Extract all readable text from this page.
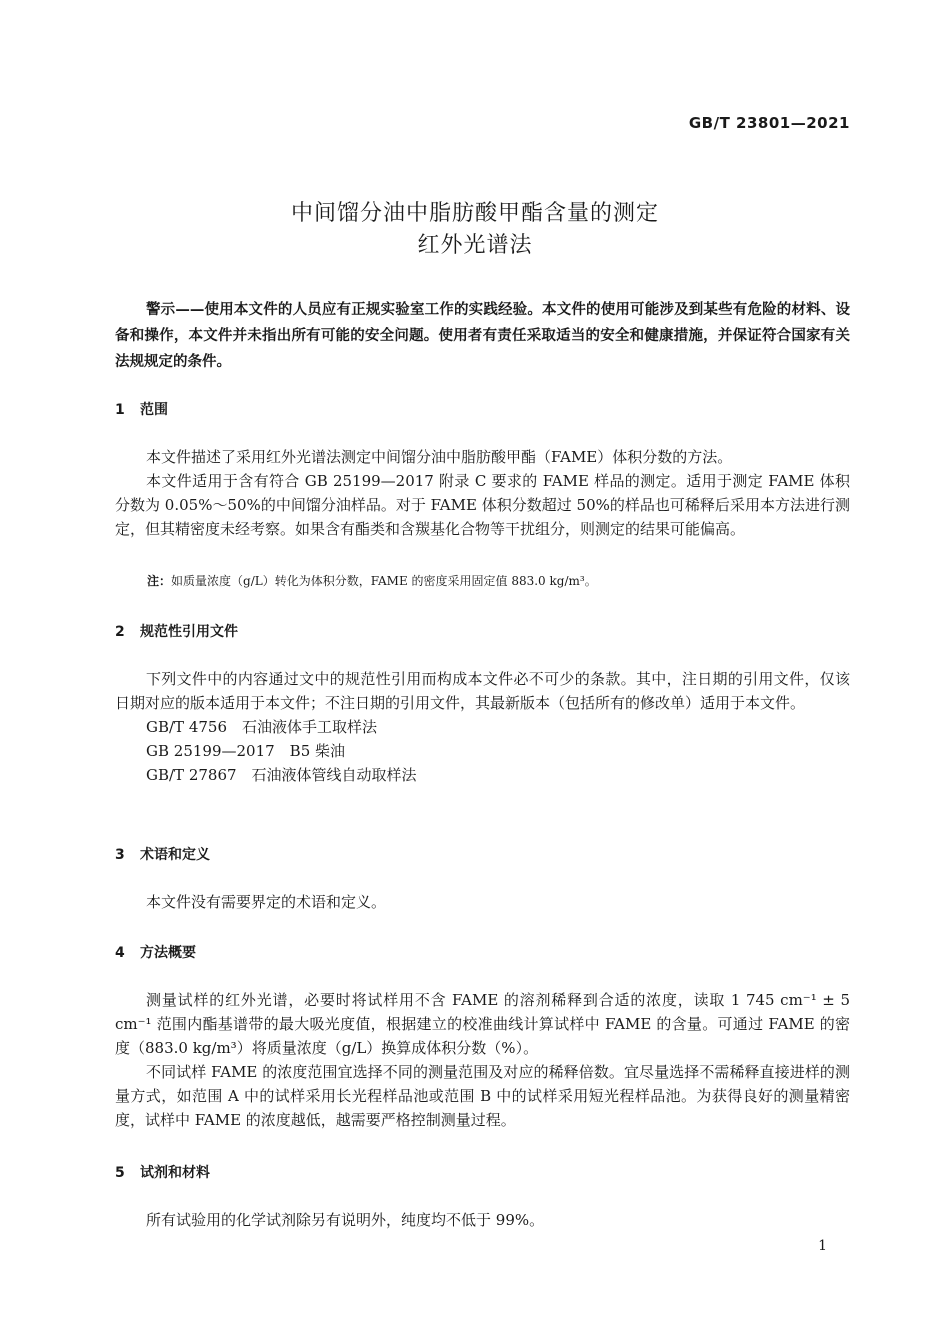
GB/T 23801—2021
中间馏分油中脂肪酸甲酯含量的测定
红外光谱法
警示——使用本文件的人员应有正规实验室工作的实践经验。本文件的使用可能涉及到某些有危险的材料、设备和操作，本文件并未指出所有可能的安全问题。使用者有责任采取适当的安全和健康措施，并保证符合国家有关法规规定的条件。
1 范围

本文件描述了采用红外光谱法测定中间馏分油中脂肪酸甲酯（FAME）体积分数的方法。

本文件适用于含有符合 GB 25199—2017 附录 C 要求的 FAME 样品的测定。适用于测定 FAME 体积分数为 0.05%～50%的中间馏分油样品。对于 FAME 体积分数超过 50%的样品也可稀释后采用本方法进行测定，但其精密度未经考察。如果含有酯类和含羰基化合物等干扰组分，则测定的结果可能偏高。

注：如质量浓度（g/L）转化为体积分数，FAME 的密度采用固定值 883.0 kg/m³。
2 规范性引用文件

下列文件中的内容通过文中的规范性引用而构成本文件必不可少的条款。其中，注日期的引用文件，仅该日期对应的版本适用于本文件；不注日期的引用文件，其最新版本（包括所有的修改单）适用于本文件。

GB/T 4756　石油液体手工取样法

GB 25199—2017　B5 柴油

GB/T 27867　石油液体管线自动取样法

3 术语和定义

本文件没有需要界定的术语和定义。

4 方法概要

测量试样的红外光谱，必要时将试样用不含 FAME 的溶剂稀释到合适的浓度，读取 1 745 cm⁻¹ ± 5 cm⁻¹ 范围内酯基谱带的最大吸光度值，根据建立的校准曲线计算试样中 FAME 的含量。可通过 FAME 的密度（883.0 kg/m³）将质量浓度（g/L）换算成体积分数（%）。

不同试样 FAME 的浓度范围宜选择不同的测量范围及对应的稀释倍数。宜尽量选择不需稀释直接进样的测量方式，如范围 A 中的试样采用长光程样品池或范围 B 中的试样采用短光程样品池。为获得良好的测量精密度，试样中 FAME 的浓度越低，越需要严格控制测量过程。

5 试剂和材料

所有试验用的化学试剂除另有说明外，纯度均不低于 99%。

1
